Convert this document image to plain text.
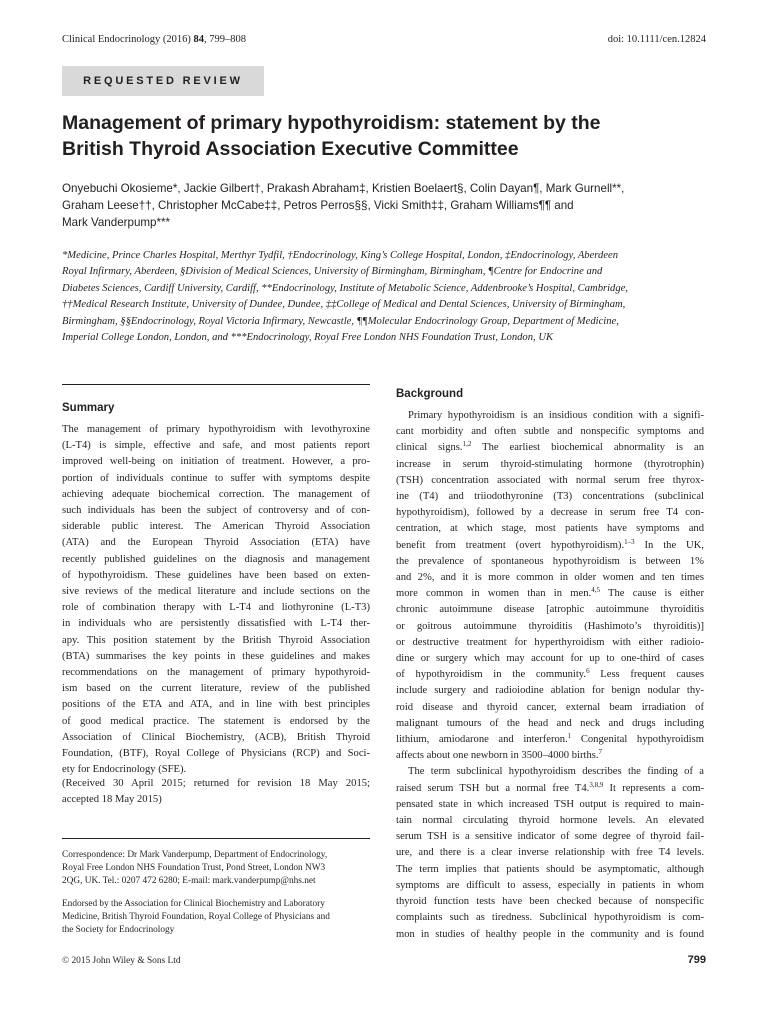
Clinical Endocrinology (2016) 84, 799–808	doi: 10.1111/cen.12824
REQUESTED REVIEW
Management of primary hypothyroidism: statement by the
British Thyroid Association Executive Committee

Onyebuchi Okosieme*, Jackie Gilbert†, Prakash Abraham‡, Kristien Boelaert§, Colin Dayan¶, Mark Gurnell**,
Graham Leese††, Christopher McCabe‡‡, Petros Perros§§, Vicki Smith‡‡, Graham Williams¶¶ and
Mark Vanderpump***

*Medicine, Prince Charles Hospital, Merthyr Tydfil, †Endocrinology, King’s College Hospital, London, ‡Endocrinology, Aberdeen
Royal Infirmary, Aberdeen, §Division of Medical Sciences, University of Birmingham, Birmingham, ¶Centre for Endocrine and
Diabetes Sciences, Cardiff University, Cardiff, **Endocrinology, Institute of Metabolic Science, Addenbrooke’s Hospital, Cambridge,
††Medical Research Institute, University of Dundee, Dundee, ‡‡College of Medical and Dental Sciences, University of Birmingham,
Birmingham, §§Endocrinology, Royal Victoria Infirmary, Newcastle, ¶¶Molecular Endocrinology Group, Department of Medicine,
Imperial College London, London, and ***Endocrinology, Royal Free London NHS Foundation Trust, London, UK

Summary
The management of primary hypothyroidism with levothyroxine
(L-T4) is simple, effective and safe, and most patients report
improved well-being on initiation of treatment. However, a pro-
portion of individuals continue to suffer with symptoms despite
achieving adequate biochemical correction. The management of
such individuals has been the subject of controversy and of con-
siderable public interest. The American Thyroid Association
(ATA) and the European Thyroid Association (ETA) have
recently published guidelines on the diagnosis and management
of hypothyroidism. These guidelines have been based on exten-
sive reviews of the medical literature and include sections on the
role of combination therapy with L-T4 and liothyronine (L-T3)
in individuals who are persistently dissatisfied with L-T4 ther-
apy. This position statement by the British Thyroid Association
(BTA) summarises the key points in these guidelines and makes
recommendations on the management of primary hypothyroid-
ism based on the current literature, review of the published
positions of the ETA and ATA, and in line with best principles
of good medical practice. The statement is endorsed by the
Association of Clinical Biochemistry, (ACB), British Thyroid
Foundation, (BTF), Royal College of Physicians (RCP) and Soci-
ety for Endocrinology (SFE).
(Received 30 April 2015; returned for revision 18 May 2015;
accepted 18 May 2015)

Correspondence: Dr Mark Vanderpump, Department of Endocrinology,
Royal Free London NHS Foundation Trust, Pond Street, London NW3
2QG, UK. Tel.: 0207 472 6280; E-mail: mark.vanderpump@nhs.net

Endorsed by the Association for Clinical Biochemistry and Laboratory
Medicine, British Thyroid Foundation, Royal College of Physicians and
the Society for Endocrinology

Background
Primary hypothyroidism is an insidious condition with a signifi-
cant morbidity and often subtle and nonspecific symptoms and
clinical signs.$^{1,2}$ The earliest biochemical abnormality is an
increase in serum thyroid-stimulating hormone (thyrotrophin)
(TSH) concentration associated with normal serum free thyrox-
ine (T4) and triiodothyronine (T3) concentrations (subclinical
hypothyroidism), followed by a decrease in serum free T4 con-
centration, at which stage, most patients have symptoms and
benefit from treatment (overt hypothyroidism).$^{1-3}$ In the UK,
the prevalence of spontaneous hypothyroidism is between 1%
and 2%, and it is more common in older women and ten times
more common in women than in men.$^{4,5}$ The cause is either
chronic autoimmune disease [atrophic autoimmune thyroiditis
or goitrous autoimmune thyroiditis (Hashimoto’s thyroiditis)]
or destructive treatment for hyperthyroidism with either radioio-
dine or surgery which may account for up to one-third of cases
of hypothyroidism in the community.$^6$ Less frequent causes
include surgery and radioiodine ablation for benign nodular thy-
roid disease and thyroid cancer, external beam irradiation of
malignant tumours of the head and neck and drugs including
lithium, amiodarone and interferon.$^1$ Congenital hypothyroidism
affects about one newborn in 3500–4000 births.$^7$
The term subclinical hypothyroidism describes the finding of a
raised serum TSH but a normal free T4.$^{3,8,9}$ It represents a com-
pensated state in which increased TSH output is required to main-
tain normal circulating thyroid hormone levels. An elevated
serum TSH is a sensitive indicator of some degree of thyroid fail-
ure, and there is a clear inverse relationship with free T4 levels.
The term implies that patients should be asymptomatic, although
symptoms are difficult to assess, especially in patients in whom
thyroid function tests have been checked because of nonspecific
complaints such as tiredness. Subclinical hypothyroidism is com-
mon in studies of healthy people in the community and is found
© 2015 John Wiley & Sons Ltd	799
